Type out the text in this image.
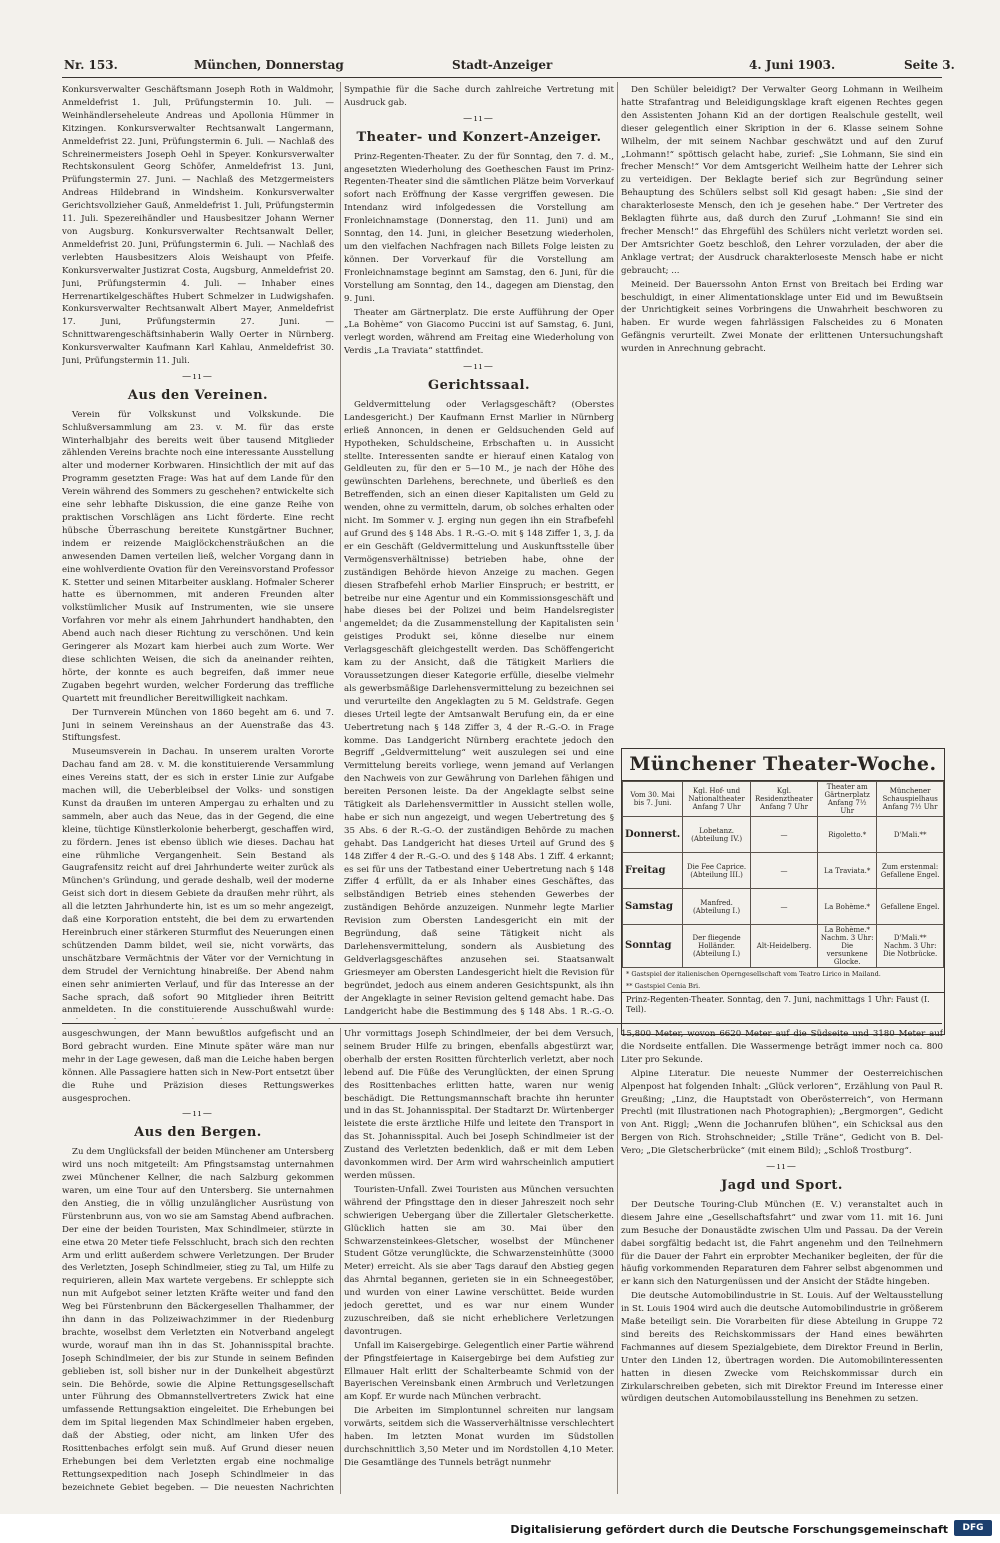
Nr. 153.	München, Donnerstag	Stadt-Anzeiger	4. Juni 1903.	Seite 3.

Konkursverwalter Geschäftsmann Joseph Roth in Waldmohr, Anmeldefrist 1. Juli, Prüfungstermin 10. Juli. — Weinhändlerseheleute Andreas und Apollonia Hümmer in Kitzingen. Konkursverwalter Rechtsanwalt Langermann, Anmeldefrist 22. Juni, Prüfungstermin 6. Juli. — Nachlaß des Schreinermeisters Joseph Oehl in Speyer. Konkursverwalter Rechtskonsulent Georg Schöfer, Anmeldefrist 13. Juni, Prüfungstermin 27. Juni. — Nachlaß des Metzgermeisters Andreas Hildebrand in Windsheim. Konkursverwalter Gerichtsvollzieher Gauß, Anmeldefrist 1. Juli, Prüfungstermin 11. Juli. Spezereihändler und Hausbesitzer Johann Werner von Augsburg. Konkursverwalter Rechtsanwalt Deller, Anmeldefrist 20. Juni, Prüfungstermin 6. Juli. — Nachlaß des verlebten Hausbesitzers Alois Weishaupt von Pfeife. Konkursverwalter Justizrat Costa, Augsburg, Anmeldefrist 20. Juni, Prüfungstermin 4. Juli. — Inhaber eines Herrenartikelgeschäftes Hubert Schmelzer in Ludwigshafen. Konkursverwalter Rechtsanwalt Albert Mayer, Anmeldefrist 17. Juni, Prüfungstermin 27. Juni. — Schnittwarengeschäftsinhaberin Wally Oerter in Nürnberg. Konkursverwalter Kaufmann Karl Kahlau, Anmeldefrist 30. Juni, Prüfungstermin 11. Juli.

—ıı—
Aus den Vereinen.

Verein für Volkskunst und Volkskunde. Die Schlußversammlung am 23. v. M. für das erste Winterhalbjahr des bereits weit über tausend Mitglieder zählenden Vereins brachte noch eine interessante Ausstellung alter und moderner Korbwaren. Hinsichtlich der mit auf das Programm gesetzten Frage: Was hat auf dem Lande für den Verein während des Sommers zu geschehen? entwickelte sich eine sehr lebhafte Diskussion, die eine ganze Reihe von praktischen Vorschlägen ans Licht förderte. Eine recht hübsche Überraschung bereitete Kunstgärtner Buchner, indem er reizende Maiglöckchensträußchen an die anwesenden Damen verteilen ließ, welcher Vorgang dann in eine wohlverdiente Ovation für den Vereinsvorstand Professor K. Stetter und seinen Mitarbeiter ausklang. Hofmaler Scherer hatte es übernommen, mit anderen Freunden alter volkstümlicher Musik auf Instrumenten, wie sie unsere Vorfahren vor mehr als einem Jahrhundert handhabten, den Abend auch nach dieser Richtung zu verschönen. Und kein Geringerer als Mozart kam hierbei auch zum Worte. Wer diese schlichten Weisen, die sich da aneinander reihten, hörte, der konnte es auch begreifen, daß immer neue Zugaben begehrt wurden, welcher Forderung das treffliche Quartett mit freundlicher Bereitwilligkeit nachkam.

Der Turnverein München von 1860 begeht am 6. und 7. Juni in seinem Vereinshaus an der Auenstraße das 43. Stiftungsfest.

Museumsverein in Dachau. In unserem uralten Vororte Dachau fand am 28. v. M. die konstituierende Versammlung eines Vereins statt, der es sich in erster Linie zur Aufgabe machen will, die Ueberbleibsel der Volks- und sonstigen Kunst da draußen im unteren Ampergau zu erhalten und zu sammeln, aber auch das Neue, das in der Gegend, die eine kleine, tüchtige Künstlerkolonie beherbergt, geschaffen wird, zu fördern. Jenes ist ebenso üblich wie dieses. Dachau hat eine rühmliche Vergangenheit. Sein Bestand als Gaugrafensitz reicht auf drei Jahrhunderte weiter zurück als München's Gründung, und gerade deshalb, weil der moderne Geist sich dort in diesem Gebiete da draußen mehr rührt, als all die letzten Jahrhunderte hin, ist es um so mehr angezeigt, daß eine Korporation entsteht, die bei dem zu erwartenden Hereinbruch einer stärkeren Sturmflut des Neuerungen einen schützenden Damm bildet, weil sie, nicht vorwärts, das unschätzbare Vermächtnis der Väter vor der Vernichtung in dem Strudel der Vernichtung hinabreiße. Der Abend nahm einen sehr animierten Verlauf, und für das Interesse an der Sache sprach, daß sofort 90 Mitglieder ihren Beitritt anmeldeten. In die constituierende Ausschußwahl wurde:

Sympathie für die Sache durch zahlreiche Vertretung mit Ausdruck gab.

—ıı—
Theater- und Konzert-Anzeiger.

Prinz-Regenten-Theater. Zu der für Sonntag, den 7. d. M., angesetzten Wiederholung des Goetheschen Faust im Prinz-Regenten-Theater sind die sämtlichen Plätze beim Vorverkauf sofort nach Eröffnung der Kasse vergriffen gewesen. Die Intendanz wird infolgedessen die Vorstellung am Fronleichnamstage (Donnerstag, den 11. Juni) und am Sonntag, den 14. Juni, in gleicher Besetzung wiederholen, um den vielfachen Nachfragen nach Billets Folge leisten zu können. Der Vorverkauf für die Vorstellung am Fronleichnamstage beginnt am Samstag, den 6. Juni, für die Vorstellung am Sonntag, den 14., dagegen am Dienstag, den 9. Juni.

Theater am Gärtnerplatz. Die erste Aufführung der Oper „La Bohème“ von Giacomo Puccini ist auf Samstag, 6. Juni, verlegt worden, während am Freitag eine Wiederholung von Verdis „La Traviata“ stattfindet.

—ıı—
Gerichtssaal.

Geldvermittelung oder Verlagsgeschäft? (Oberstes Landesgericht.) Der Kaufmann Ernst Marlier in Nürnberg erließ Annoncen, in denen er Geldsuchenden Geld auf Hypotheken, Schuldscheine, Erbschaften u. in Aussicht stellte. Interessenten sandte er hierauf einen Katalog von Geldleuten zu, für den er 5—10 M., je nach der Höhe des gewünschten Darlehens, berechnete, und überließ es den Betreffenden, sich an einen dieser Kapitalisten um Geld zu wenden, ohne zu vermitteln, darum, ob solches erhalten oder nicht. Im Sommer v. J. erging nun gegen ihn ein Strafbefehl auf Grund des § 148 Abs. 1 R.-G.-O. mit § 148 Ziffer 1, 3, J. da er ein Geschäft (Geldvermittelung und Auskunftsstelle über Vermögensverhältnisse) betrieben habe, ohne der zuständigen Behörde hievon Anzeige zu machen. Gegen diesen Strafbefehl erhob Marlier Einspruch; er bestritt, er betreibe nur eine Agentur und ein Kommissionsgeschäft und habe dieses bei der Polizei und beim Handelsregister angemeldet; da die Zusammenstellung der Kapitalisten sein geistiges Produkt sei, könne dieselbe nur einem Verlagsgeschäft gleichgestellt werden. Das Schöffengericht kam zu der Ansicht, daß die Tätigkeit Marliers die Voraussetzungen dieser Kategorie erfülle, dieselbe vielmehr als gewerbsmäßige Darlehensvermittelung zu bezeichnen sei und verurteilte den Angeklagten zu 5 M. Geldstrafe. Gegen dieses Urteil legte der Amtsanwalt Berufung ein, da er eine Uebertretung nach § 148 Ziffer 3, 4 der R.-G.-O. in Frage komme. Das Landgericht Nürnberg erachtete jedoch den Begriff „Geldvermittelung“ weit auszulegen sei und eine Vermittelung bereits vorliege, wenn jemand auf Verlangen den Nachweis von zur Gewährung von Darlehen fähigen und bereiten Personen leiste. Da der Angeklagte selbst seine Tätigkeit als Darlehensvermittler in Aussicht stellen wolle, habe er sich nun angezeigt, und wegen Uebertretung des § 35 Abs. 6 der R.-G.-O. der zuständigen Behörde zu machen gehabt. Das Landgericht hat dieses Urteil auf Grund des § 148 Ziffer 4 der R.-G.-O. und des § 148 Abs. 1 Ziff. 4 erkannt; es sei für uns der Tatbestand einer Uebertretung nach § 148 Ziffer 4 erfüllt, da er als Inhaber eines Geschäftes, das selbständigen Betrieb eines stehenden Gewerbes der zuständigen Behörde anzuzeigen. Nunmehr legte Marlier Revision zum Obersten Landesgericht ein mit der Begründung, daß seine Tätigkeit nicht als Darlehensvermittelung, sondern als Ausbietung des Geldverlagsgeschäftes anzusehen sei. Staatsanwalt Griesmeyer am Obersten Landesgericht hielt die Revision für begründet, jedoch aus einem anderen Gesichtspunkt, als ihn der Angeklagte in seiner Revision geltend gemacht habe. Das Landgericht habe die Bestimmung des § 148 Abs. 1 R.-G.-O.

Den Schüler beleidigt? Der Verwalter Georg Lohmann in Weilheim hatte Strafantrag und Beleidigungsklage kraft eigenen Rechtes gegen den Assistenten Johann Kid an der dortigen Realschule gestellt, weil dieser gelegentlich einer Skription in der 6. Klasse seinem Sohne Wilhelm, der mit seinem Nachbar geschwätzt und auf den Zuruf „Lohmann!“ spöttisch gelacht habe, zurief: „Sie Lohmann, Sie sind ein frecher Mensch!“ Vor dem Amtsgericht Weilheim hatte der Lehrer sich zu verteidigen. Der Beklagte berief sich zur Begründung seiner Behauptung des Schülers selbst soll Kid gesagt haben: „Sie sind der charakterloseste Mensch, den ich je gesehen habe.“ Der Vertreter des Beklagten führte aus, daß durch den Zuruf „Lohmann! Sie sind ein frecher Mensch!“ das Ehrgefühl des Schülers nicht verletzt worden sei. Der Amtsrichter Goetz beschloß, den Lehrer vorzuladen, der aber die Anklage vertrat; der Ausdruck charakterloseste Mensch habe er nicht gebraucht; ...

Meineid. Der Bauerssohn Anton Ernst von Breitach bei Erding war beschuldigt, in einer Alimentationsklage unter Eid und im Bewußtsein der Unrichtigkeit seines Vorbringens die Unwahrheit beschworen zu haben. Er wurde wegen fahrlässigen Falscheides zu 6 Monaten Gefängnis verurteilt. Zwei Monate der erlittenen Untersuchungshaft wurden in Anrechnung gebracht.

Münchener Theater-Woche.
Vom 30. Mai bis 7. Juni.	Kgl. Hof- und Nationaltheater Anfang 7 Uhr	Kgl. Residenztheater Anfang 7 Uhr	Theater am Gärtnerplatz Anfang 7½ Uhr	Münchener Schauspielhaus Anfang 7½ Uhr
Donnerst.	Lobetanz. (Abteilung IV.)	—	Rigoletto.*	D'Mali.**
Freitag	Die Fee Caprice. (Abteilung III.)	—	La Traviata.*	Zum erstenmal: Gefallene Engel.
Samstag	Manfred. (Abteilung I.)	—	La Bohème.*	Gefallene Engel.
Sonntag	Der fliegende Holländer. (Abteilung I.)	Alt-Heidelberg.	La Bohème.* Nachm. 3 Uhr: Die versunkene Glocke.	D'Mali.** Nachm. 3 Uhr: Die Notbrücke.
* Gastspiel der italienischen Operngesellschaft vom Teatro Lirico in Mailand.
** Gastspiel Cenia Bri.
Prinz-Regenten-Theater. Sonntag, den 7. Juni, nachmittags 1 Uhr: Faust (I. Teil).

ausgeschwungen, der Mann bewußtlos aufgefischt und an Bord gebracht wurden. Eine Minute später wäre man nur mehr in der Lage gewesen, daß man die Leiche haben bergen können. Alle Passagiere hatten sich in New-Port entsetzt über die Ruhe und Präzision dieses Rettungswerkes ausgesprochen.

—ıı—
Aus den Bergen.

Zu dem Unglücksfall der beiden Münchener am Untersberg wird uns noch mitgeteilt: Am Pfingstsamstag unternahmen zwei Münchener Kellner, die nach Salzburg gekommen waren, um eine Tour auf den Untersberg. Sie unternahmen den Anstieg, die in völlig unzulänglicher Ausrüstung von Fürstenbrunn aus, von wo sie am Samstag Abend aufbrachen. Der eine der beiden Touristen, Max Schindlmeier, stürzte in eine etwa 20 Meter tiefe Felsschlucht, brach sich den rechten Arm und erlitt außerdem schwere Verletzungen. Der Bruder des Verletzten, Joseph Schindlmeier, stieg zu Tal, um Hilfe zu requirieren, allein Max wartete vergebens. Er schleppte sich nun mit Aufgebot seiner letzten Kräfte weiter und fand den Weg bei Fürstenbrunn den Bäckergesellen Thalhammer, der ihn dann in das Polizeiwachzimmer in der Riedenburg brachte, woselbst dem Verletzten ein Notverband angelegt wurde, worauf man ihn in das St. Johannisspital brachte. Joseph Schindlmeier, der bis zur Stunde in seinem Befinden geblieben ist, soll bisher nur in der Dunkelheit abgestürzt sein. Die Behörde, sowie die Alpine Rettungsgesellschaft unter Führung des Obmannstellvertreters Zwick hat eine umfassende Rettungsaktion eingeleitet. Die Erhebungen bei dem im Spital liegenden Max Schindlmeier haben ergeben, daß der Abstieg, oder nicht, am linken Ufer des Rosittenbaches erfolgt sein muß. Auf Grund dieser neuen Erhebungen bei dem Verletzten ergab eine nochmalige Rettungsexpedition nach Joseph Schindlmeier in das bezeichnete Gebiet begeben. — Die neuesten Nachrichten

Uhr vormittags Joseph Schindlmeier, der bei dem Versuch, seinem Bruder Hilfe zu bringen, ebenfalls abgestürzt war, oberhalb der ersten Rositten fürchterlich verletzt, aber noch lebend auf. Die Füße des Verunglückten, der einen Sprung des Rosittenbaches erlitten hatte, waren nur wenig beschädigt. Die Rettungsmannschaft brachte ihn herunter und in das St. Johannisspital. Der Stadtarzt Dr. Würtenberger leistete die erste ärztliche Hilfe und leitete den Transport in das St. Johannisspital. Auch bei Joseph Schindlmeier ist der Zustand des Verletzten bedenklich, daß er mit dem Leben davonkommen wird. Der Arm wird wahrscheinlich amputiert werden müssen.

Touristen-Unfall. Zwei Touristen aus München versuchten während der Pfingsttage den in dieser Jahreszeit noch sehr schwierigen Uebergang über die Zillertaler Gletscherkette. Glücklich hatten sie am 30. Mai über den Schwarzensteinkees-Gletscher, woselbst der Münchener Student Götze verunglückte, die Schwarzensteinhütte (3000 Meter) erreicht. Als sie aber Tags darauf den Abstieg gegen das Ahrntal begannen, gerieten sie in ein Schneegestöber, und wurden von einer Lawine verschüttet. Beide wurden jedoch gerettet, und es war nur einem Wunder zuzuschreiben, daß sie nicht erheblichere Verletzungen davontrugen.

Unfall im Kaisergebirge. Gelegentlich einer Partie während der Pfingstfeiertage in Kaisergebirge bei dem Aufstieg zur Ellmauer Halt erlitt der Schalterbeamte Schmid von der Bayerischen Vereinsbank einen Armbruch und Verletzungen am Kopf. Er wurde nach München verbracht.

Die Arbeiten im Simplontunnel schreiten nur langsam vorwärts, seitdem sich die Wasserverhältnisse verschlechtert haben. Im letzten Monat wurden im Südstollen durchschnittlich 3,50 Meter und im Nordstollen 4,10 Meter. Die Gesamtlänge des Tunnels beträgt nunmehr

15,800 Meter, wovon 6620 Meter auf die Südseite und 3180 Meter auf die Nordseite entfallen. Die Wassermenge beträgt immer noch ca. 800 Liter pro Sekunde.

Alpine Literatur. Die neueste Nummer der Oesterreichischen Alpenpost hat folgenden Inhalt: „Glück verloren“, Erzählung von Paul R. Greußing; „Linz, die Hauptstadt von Oberösterreich“, von Hermann Prechtl (mit Illustrationen nach Photographien); „Bergmorgen“, Gedicht von Ant. Riggl; „Wenn die Jochanrufen blühen“, ein Schicksal aus den Bergen von Rich. Strohschneider; „Stille Träne“, Gedicht von B. Del-Vero; „Die Gletscherbrücke“ (mit einem Bild); „Schloß Trostburg“.

—ıı—
Jagd und Sport.

Der Deutsche Touring-Club München (E. V.) veranstaltet auch in diesem Jahre eine „Gesellschaftsfahrt“ und zwar vom 11. mit 16. Juni zum Besuche der Donaustädte zwischen Ulm und Passau. Da der Verein dabei sorgfältig bedacht ist, die Fahrt angenehm und den Teilnehmern für die Dauer der Fahrt ein erprobter Mechaniker begleiten, der für die häufig vorkommenden Reparaturen dem Fahrer selbst abgenommen und er kann sich den Naturgenüssen und der Ansicht der Städte hingeben.

Die deutsche Automobilindustrie in St. Louis. Auf der Weltausstellung in St. Louis 1904 wird auch die deutsche Automobilindustrie in größerem Maße beteiligt sein. Die Vorarbeiten für diese Abteilung in Gruppe 72 sind bereits des Reichskommissars der Hand eines bewährten Fachmannes auf diesem Spezialgebiete, dem Direktor Freund in Berlin, Unter den Linden 12, übertragen worden. Die Automobilinteressenten hatten in diesen Zwecke vom Reichskommissar durch ein Zirkularschreiben gebeten, sich mit Direktor Freund im Interesse einer würdigen deutschen Automobilausstellung ins Benehmen zu setzen.

Digitalisierung gefördert durch die Deutsche Forschungsgemeinschaft	DFG
